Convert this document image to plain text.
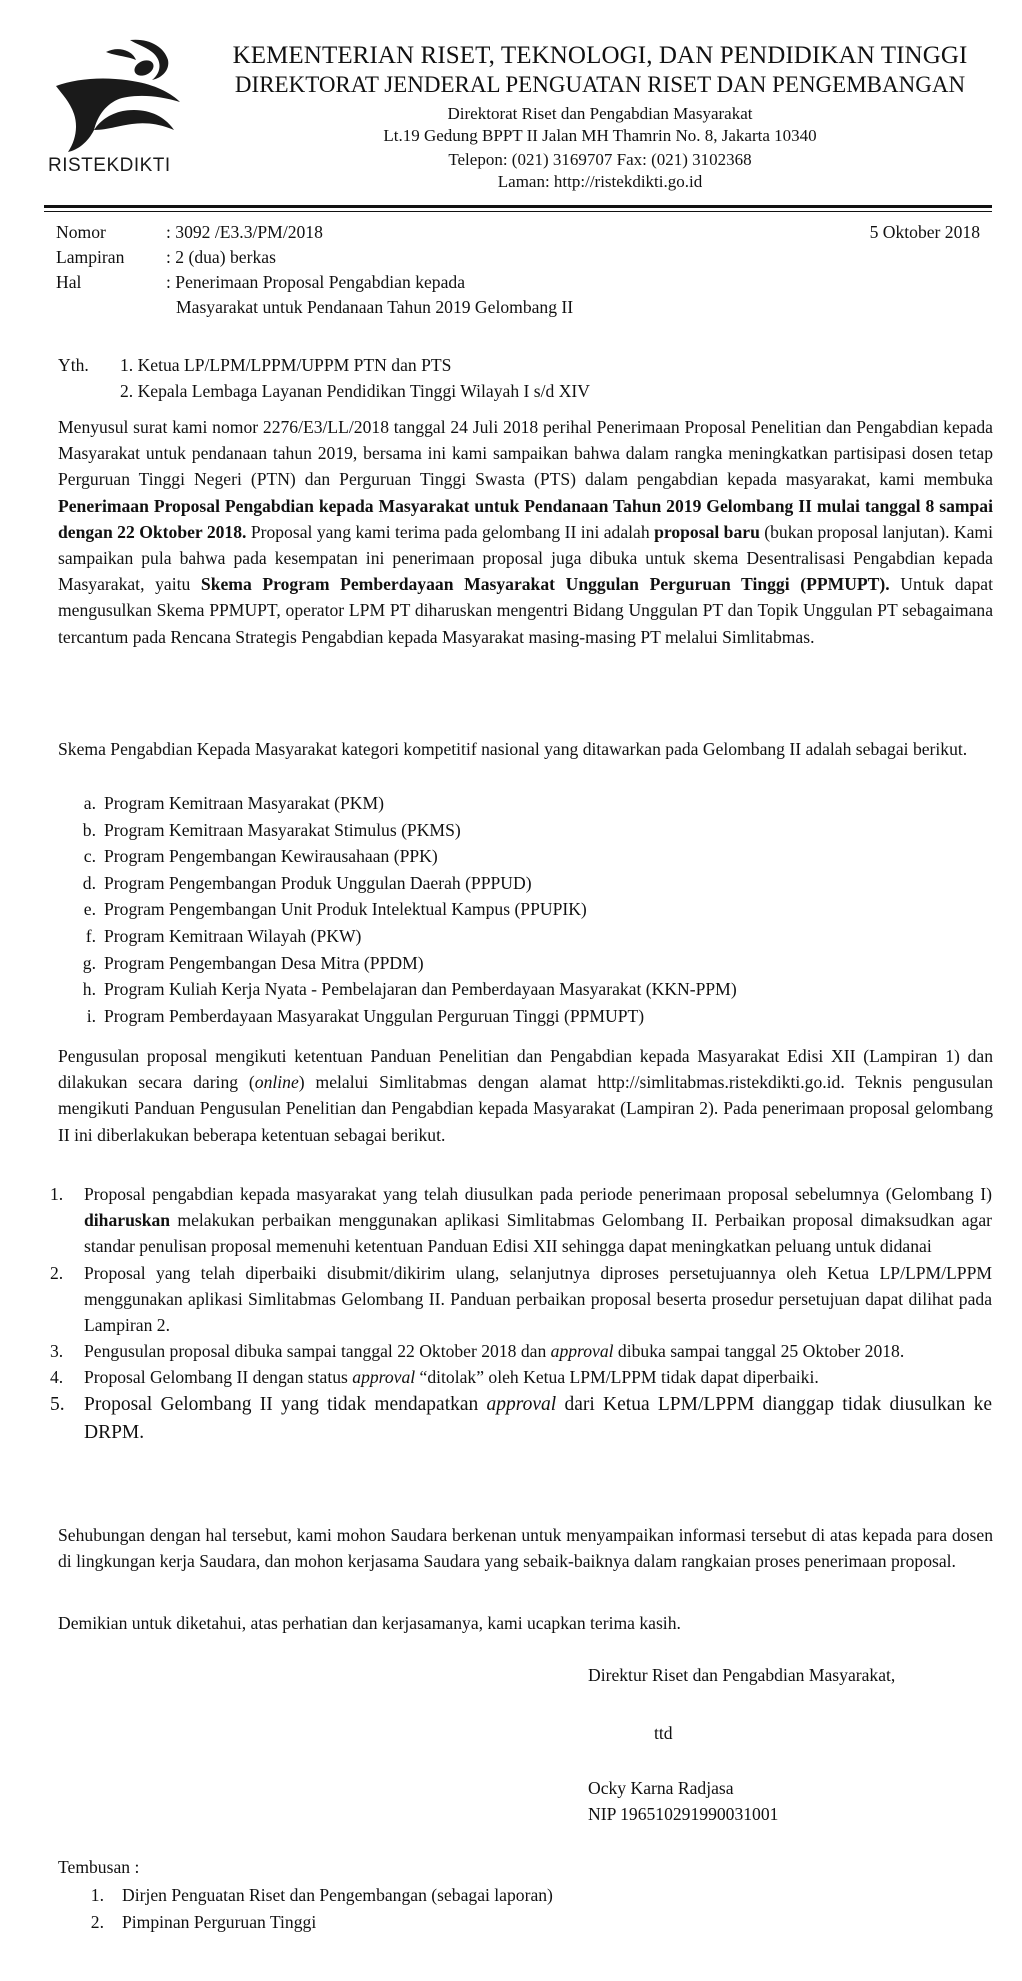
RISTEKDIKTI
KEMENTERIAN RISET, TEKNOLOGI, DAN PENDIDIKAN TINGGI
DIREKTORAT JENDERAL PENGUATAN RISET DAN PENGEMBANGAN
Direktorat Riset dan Pengabdian Masyarakat
Lt.19 Gedung BPPT II Jalan MH Thamrin No. 8, Jakarta 10340
Telepon: (021) 3169707 Fax: (021) 3102368
Laman: http://ristekdikti.go.id
Nomor	: 3092 /E3.3/PM/2018	5 Oktober 2018
Lampiran : 2 (dua) berkas
Hal	: Penerimaan Proposal Pengabdian kepada
Masyarakat untuk Pendanaan Tahun 2019 Gelombang II
Yth. 1. Ketua LP/LPM/LPPM/UPPM PTN dan PTS
2. Kepala Lembaga Layanan Pendidikan Tinggi Wilayah I s/d XIV

Menyusul surat kami nomor 2276/E3/LL/2018 tanggal 24 Juli 2018 perihal Penerimaan Proposal Penelitian dan Pengabdian kepada Masyarakat untuk pendanaan tahun 2019, bersama ini kami sampaikan bahwa dalam rangka meningkatkan partisipasi dosen tetap Perguruan Tinggi Negeri (PTN) dan Perguruan Tinggi Swasta (PTS) dalam pengabdian kepada masyarakat, kami membuka Penerimaan Proposal Pengabdian kepada Masyarakat untuk Pendanaan Tahun 2019 Gelombang II mulai tanggal 8 sampai dengan 22 Oktober 2018. Proposal yang kami terima pada gelombang II ini adalah proposal baru (bukan proposal lanjutan). Kami sampaikan pula bahwa pada kesempatan ini penerimaan proposal juga dibuka untuk skema Desentralisasi Pengabdian kepada Masyarakat, yaitu Skema Program Pemberdayaan Masyarakat Unggulan Perguruan Tinggi (PPMUPT). Untuk dapat mengusulkan Skema PPMUPT, operator LPM PT diharuskan mengentri Bidang Unggulan PT dan Topik Unggulan PT sebagaimana tercantum pada Rencana Strategis Pengabdian kepada Masyarakat masing-masing PT melalui Simlitabmas.

Skema Pengabdian Kepada Masyarakat kategori kompetitif nasional yang ditawarkan pada Gelombang II adalah sebagai berikut.

a. Program Kemitraan Masyarakat (PKM)
b. Program Kemitraan Masyarakat Stimulus (PKMS)
c. Program Pengembangan Kewirausahaan (PPK)
d. Program Pengembangan Produk Unggulan Daerah (PPPUD)
e. Program Pengembangan Unit Produk Intelektual Kampus (PPUPIK)
f. Program Kemitraan Wilayah (PKW)
g. Program Pengembangan Desa Mitra (PPDM)
h. Program Kuliah Kerja Nyata - Pembelajaran dan Pemberdayaan Masyarakat (KKN-PPM)
i. Program Pemberdayaan Masyarakat Unggulan Perguruan Tinggi (PPMUPT)

Pengusulan proposal mengikuti ketentuan Panduan Penelitian dan Pengabdian kepada Masyarakat Edisi XII (Lampiran 1) dan dilakukan secara daring (online) melalui Simlitabmas dengan alamat http://simlitabmas.ristekdikti.go.id. Teknis pengusulan mengikuti Panduan Pengusulan Penelitian dan Pengabdian kepada Masyarakat (Lampiran 2). Pada penerimaan proposal gelombang II ini diberlakukan beberapa ketentuan sebagai berikut.

1. Proposal pengabdian kepada masyarakat yang telah diusulkan pada periode penerimaan proposal sebelumnya (Gelombang I) diharuskan melakukan perbaikan menggunakan aplikasi Simlitabmas Gelombang II. Perbaikan proposal dimaksudkan agar standar penulisan proposal memenuhi ketentuan Panduan Edisi XII sehingga dapat meningkatkan peluang untuk didanai
2. Proposal yang telah diperbaiki disubmit/dikirim ulang, selanjutnya diproses persetujuannya oleh Ketua LP/LPM/LPPM menggunakan aplikasi Simlitabmas Gelombang II. Panduan perbaikan proposal beserta prosedur persetujuan dapat dilihat pada Lampiran 2.
3. Pengusulan proposal dibuka sampai tanggal 22 Oktober 2018 dan approval dibuka sampai tanggal 25 Oktober 2018.
4. Proposal Gelombang II dengan status approval “ditolak” oleh Ketua LPM/LPPM tidak dapat diperbaiki.
5. Proposal Gelombang II yang tidak mendapatkan approval dari Ketua LPM/LPPM dianggap tidak diusulkan ke DRPM.

Sehubungan dengan hal tersebut, kami mohon Saudara berkenan untuk menyampaikan informasi tersebut di atas kepada para dosen di lingkungan kerja Saudara, dan mohon kerjasama Saudara yang sebaik-baiknya dalam rangkaian proses penerimaan proposal.

Demikian untuk diketahui, atas perhatian dan kerjasamanya, kami ucapkan terima kasih.

Direktur Riset dan Pengabdian Masyarakat,
ttd
Ocky Karna Radjasa
NIP 196510291990031001
Tembusan :
1. Dirjen Penguatan Riset dan Pengembangan (sebagai laporan)
2. Pimpinan Perguruan Tinggi
